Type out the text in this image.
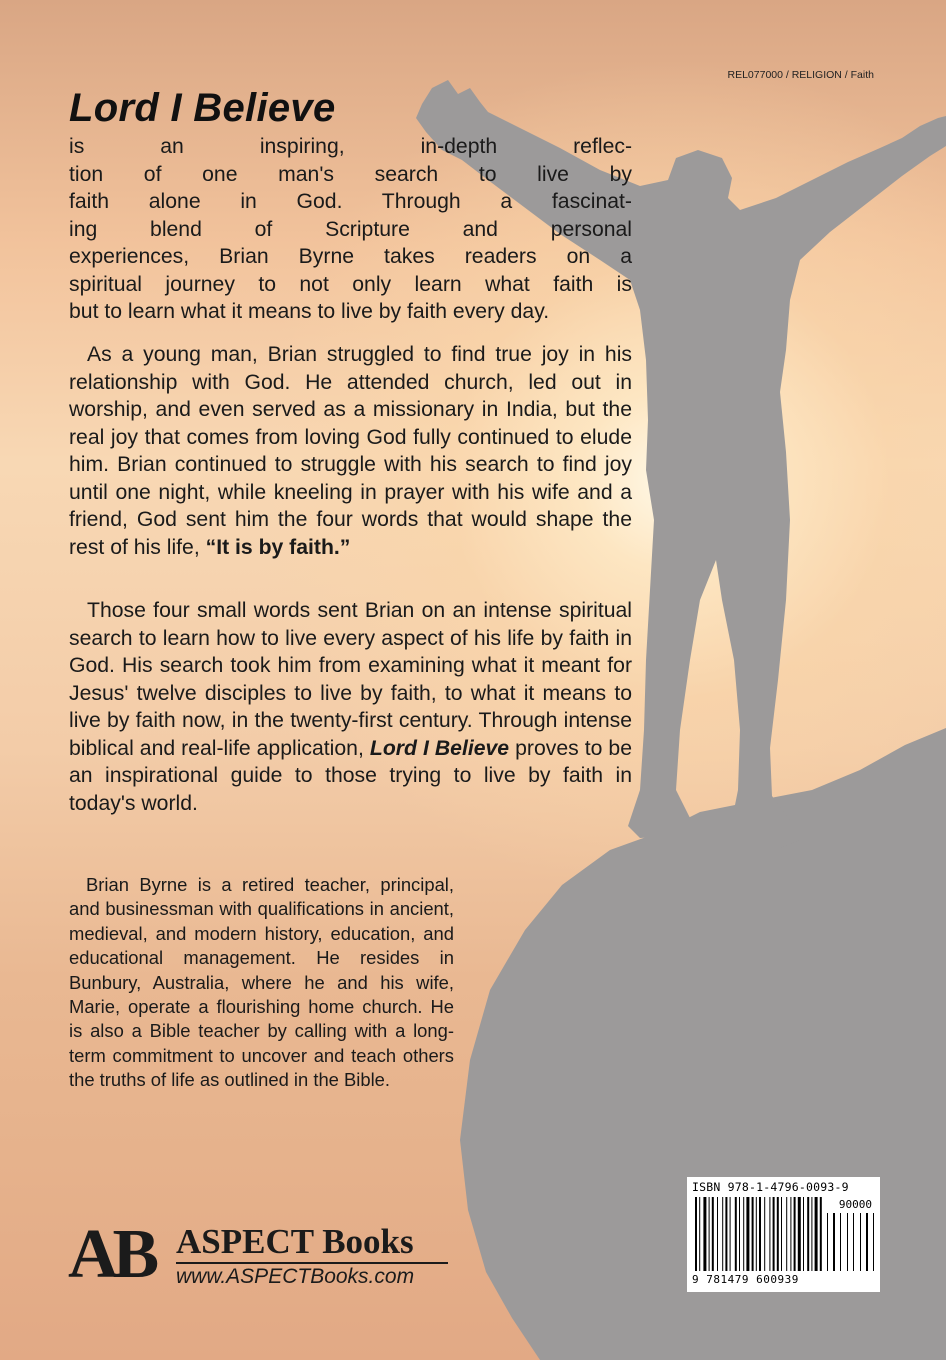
REL077000 / RELIGION / Faith
Lord I Believe
is an inspiring, in-depth reflec-
tion of one man's search to live by
faith alone in God. Through a fascinat-
ing blend of Scripture and personal
experiences, Brian Byrne takes readers on a
spiritual journey to not only learn what faith is
but to learn what it means to live by faith every day.

As a young man, Brian struggled to find true joy in his relationship with God. He attended church, led out in worship, and even served as a missionary in India, but the real joy that comes from loving God fully continued to elude him. Brian continued to struggle with his search to find joy until one night, while kneeling in prayer with his wife and a friend, God sent him the four words that would shape the rest of his life, “It is by faith.”

Those four small words sent Brian on an intense spiritual search to learn how to live every aspect of his life by faith in God. His search took him from examining what it meant for Jesus' twelve disciples to live by faith, to what it means to live by faith now, in the twenty-first century. Through intense biblical and real-life application, Lord I Believe proves to be an inspirational guide to those trying to live by faith in today's world.

Brian Byrne is a retired teacher, principal, and businessman with qualifications in ancient, medieval, and modern history, education, and educational management. He resides in Bunbury, Australia, where he and his wife, Marie, operate a flourishing home church. He is also a Bible teacher by calling with a long-term commitment to uncover and teach others the truths of life as outlined in the Bible.
AB ASPECT Books
www.ASPECTBooks.com
ISBN 978-1-4796-0093-9
90000
9 781479 600939
